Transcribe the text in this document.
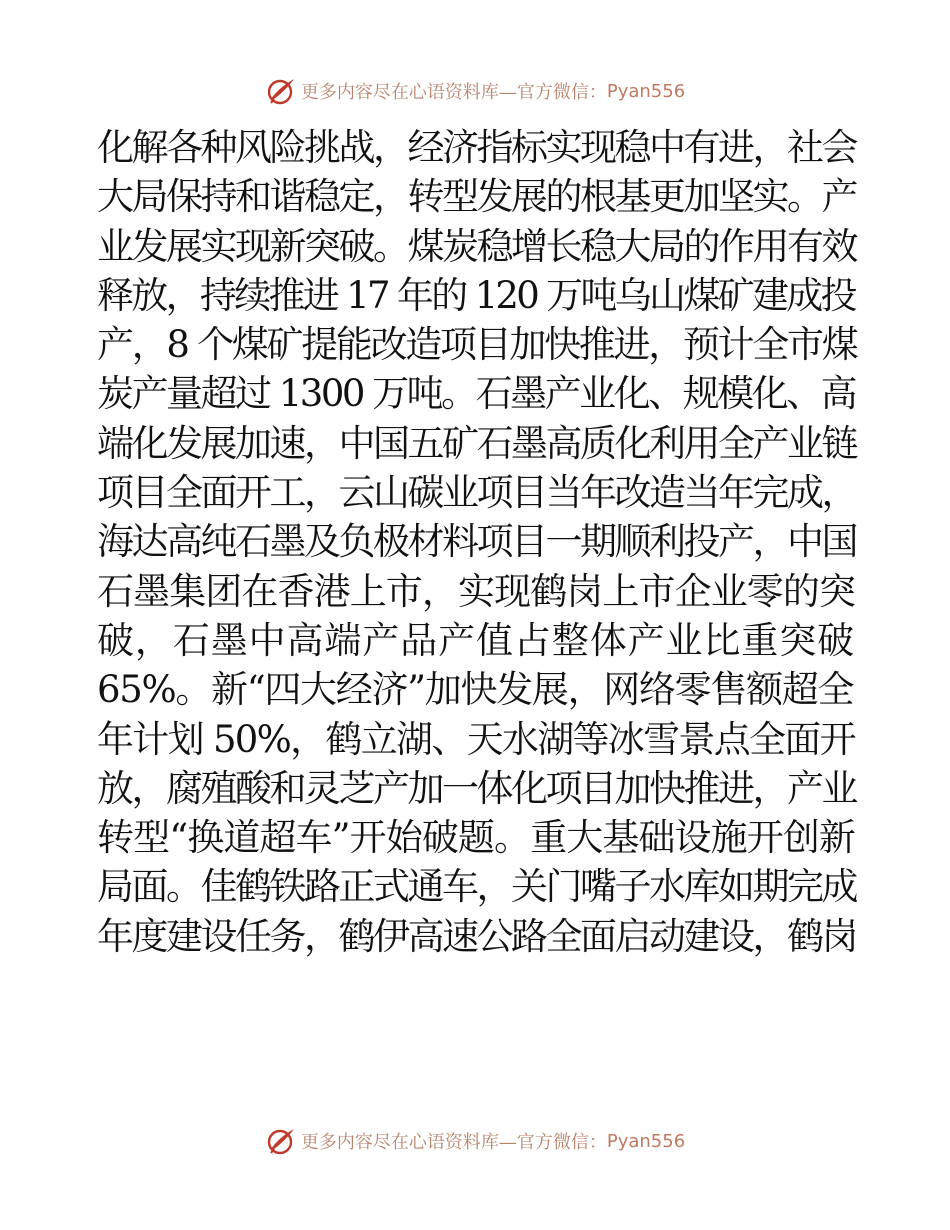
更多内容尽在心语资料库—官方微信： Pyan556
化解各种风险挑战，经济指标实现稳中有进，社会
大局保持和谐稳定，转型发展的根基更加坚实。产
业发展实现新突破。煤炭稳增长稳大局的作用有效
释放，持续推进 17 年的 120 万吨乌山煤矿建成投
产，8 个煤矿提能改造项目加快推进，预计全市煤
炭产量超过 1300 万吨。石墨产业化、规模化、高
端化发展加速，中国五矿石墨高质化利用全产业链
项目全面开工，云山碳业项目当年改造当年完成，
海达高纯石墨及负极材料项目一期顺利投产，中国
石墨集团在香港上市，实现鹤岗上市企业零的突
破，石墨中高端产品产值占整体产业比重突破
65%。新“四大经济”加快发展，网络零售额超全
年计划 50%，鹤立湖、天水湖等冰雪景点全面开
放，腐殖酸和灵芝产加一体化项目加快推进，产业
转型“换道超车”开始破题。重大基础设施开创新
局面。佳鹤铁路正式通车，关门嘴子水库如期完成
年度建设任务，鹤伊高速公路全面启动建设，鹤岗
更多内容尽在心语资料库—官方微信： Pyan556
